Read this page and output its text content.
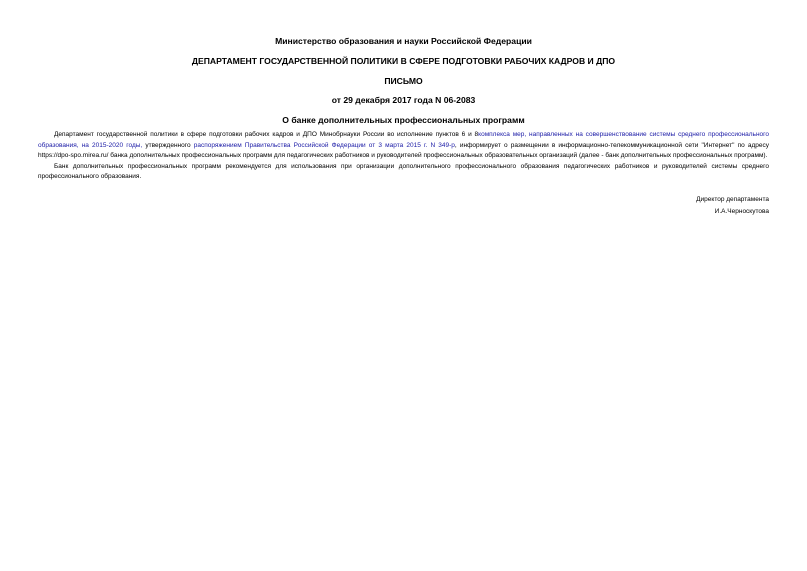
Министерство образования и науки Российской Федерации
ДЕПАРТАМЕНТ ГОСУДАРСТВЕННОЙ ПОЛИТИКИ В СФЕРЕ ПОДГОТОВКИ РАБОЧИХ КАДРОВ И ДПО
ПИСЬМО
от 29 декабря 2017 года N 06-2083
О банке дополнительных профессиональных программ

Департамент государственной политики в сфере подготовки рабочих кадров и ДПО Минобрнауки России во исполнение пунктов 6 и 8комплекса мер, направленных на совершенствование системы среднего профессионального образования, на 2015-2020 годы, утвержденного распоряжением Правительства Российской Федерации от 3 марта 2015 г. N 349-р, информирует о размещении в информационно-телекоммуникационной сети "Интернет" по адресу https://dpo-spo.mirea.ru/ банка дополнительных профессиональных программ для педагогических работников и руководителей профессиональных образовательных организаций (далее - банк дополнительных профессиональных программ).

Банк дополнительных профессиональных программ рекомендуется для использования при организации дополнительного профессионального образования педагогических работников и руководителей системы среднего профессионального образования.

Директор департамента
И.А.Черноскутова
